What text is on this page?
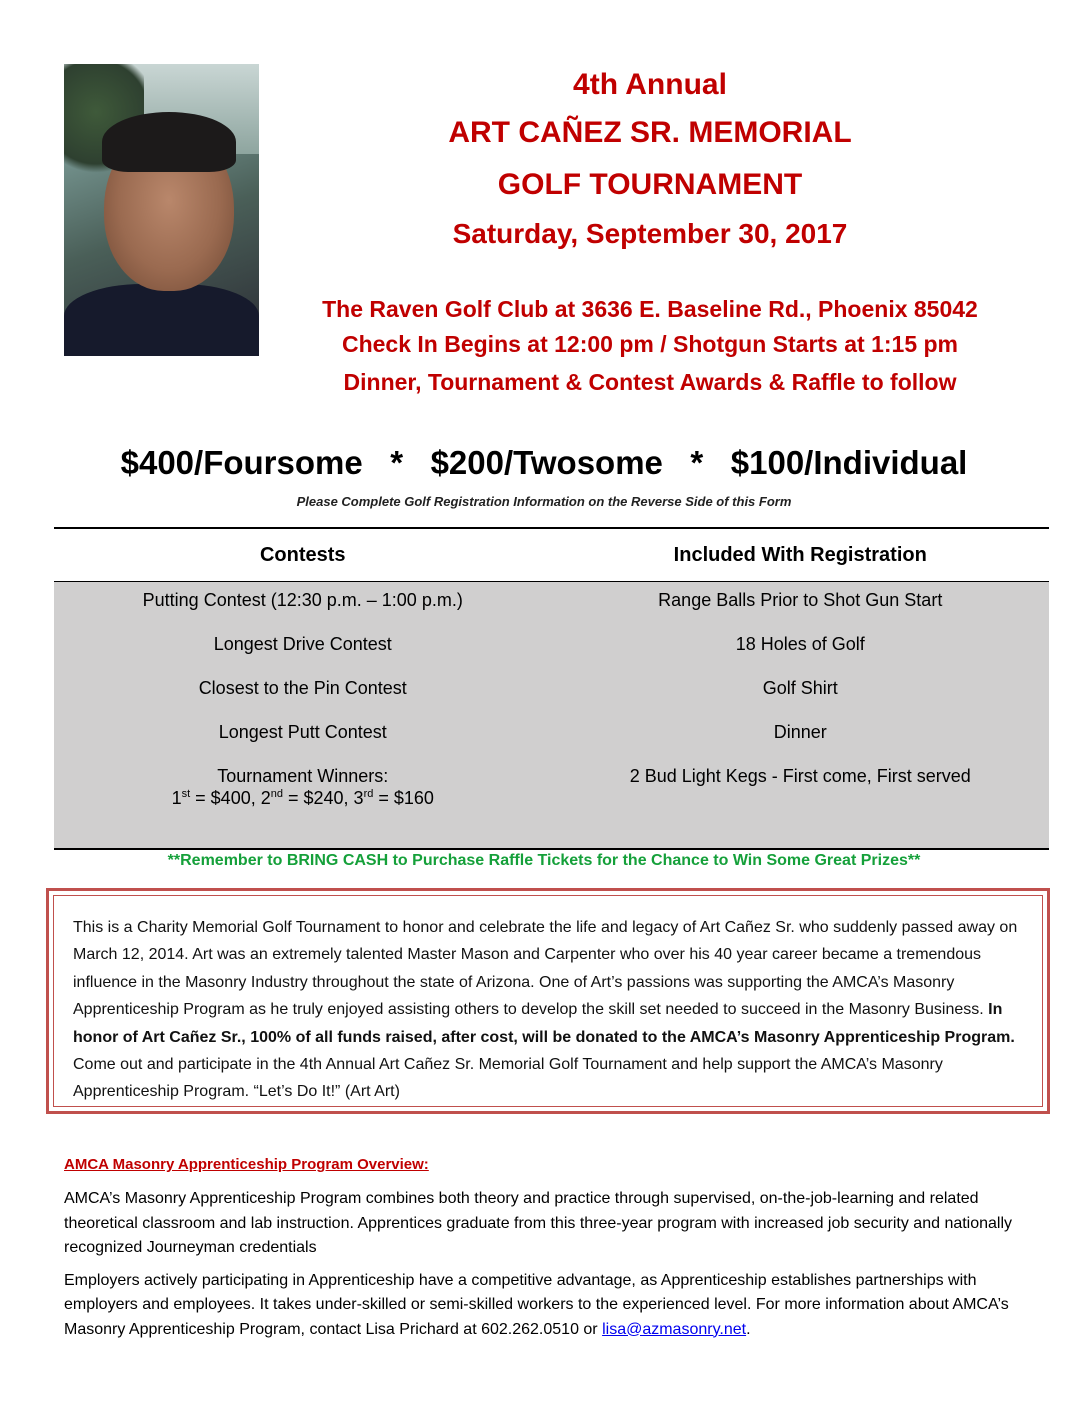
4th Annual
ART CAÑEZ SR. MEMORIAL
GOLF TOURNAMENT
Saturday, September 30, 2017
The Raven Golf Club at 3636 E. Baseline Rd., Phoenix 85042
Check In Begins at 12:00 pm / Shotgun Starts at 1:15 pm
Dinner, Tournament & Contest Awards & Raffle to follow
$400/Foursome   *   $200/Twosome   *   $100/Individual
Please Complete Golf Registration Information on the Reverse Side of this Form
Contests	Included With Registration
Putting Contest (12:30 p.m. – 1:00 p.m.)
Longest Drive Contest
Closest to the Pin Contest
Longest Putt Contest
Tournament Winners:
1st = $400, 2nd = $240, 3rd = $160
Range Balls Prior to Shot Gun Start
18 Holes of Golf
Golf Shirt
Dinner
2 Bud Light Kegs - First come, First served
**Remember to BRING CASH to Purchase Raffle Tickets for the Chance to Win Some Great Prizes**
This is a Charity Memorial Golf Tournament to honor and celebrate the life and legacy of Art Cañez Sr. who suddenly passed away on March 12, 2014. Art was an extremely talented Master Mason and Carpenter who over his 40 year career became a tremendous influence in the Masonry Industry throughout the state of Arizona. One of Art’s passions was supporting the AMCA’s Masonry Apprenticeship Program as he truly enjoyed assisting others to develop the skill set needed to succeed in the Masonry Business. In honor of Art Cañez Sr., 100% of all funds raised, after cost, will be donated to the AMCA’s Masonry Apprenticeship Program. Come out and participate in the 4th Annual Art Cañez Sr. Memorial Golf Tournament and help support the AMCA’s Masonry Apprenticeship Program. “Let’s Do It!” (Art Art)
AMCA Masonry Apprenticeship Program Overview:
AMCA’s Masonry Apprenticeship Program combines both theory and practice through supervised, on-the-job-learning and related theoretical classroom and lab instruction. Apprentices graduate from this three-year program with increased job security and nationally recognized Journeyman credentials
Employers actively participating in Apprenticeship have a competitive advantage, as Apprenticeship establishes partnerships with employers and employees. It takes under-skilled or semi-skilled workers to the experienced level. For more information about AMCA’s Masonry Apprenticeship Program, contact Lisa Prichard at 602.262.0510 or lisa@azmasonry.net.
